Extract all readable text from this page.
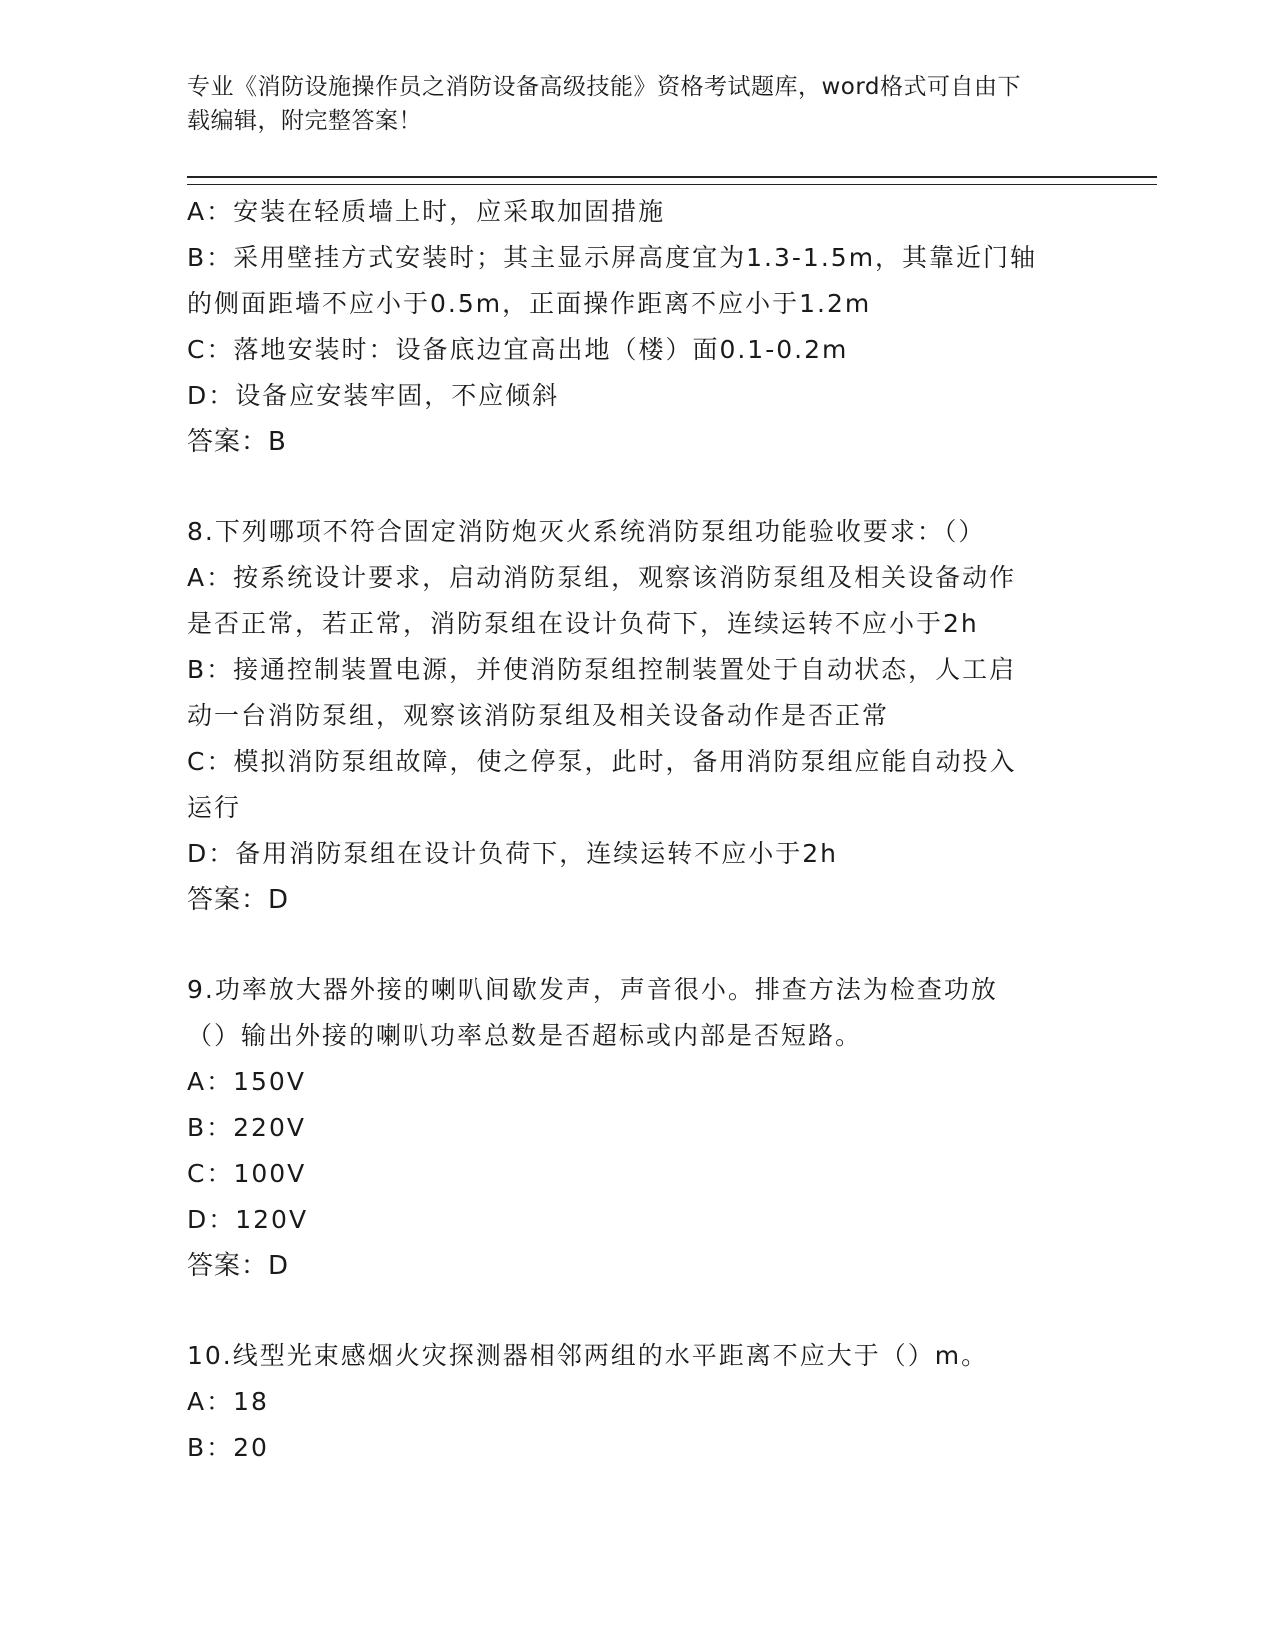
专业《消防设施操作员之消防设备高级技能》资格考试题库，word格式可自由下
载编辑，附完整答案！
A：安装在轻质墙上时，应采取加固措施
B：采用壁挂方式安装时；其主显示屏高度宜为1.3-1.5m，其靠近门轴
的侧面距墙不应小于0.5m，正面操作距离不应小于1.2m
C：落地安装时：设备底边宜高出地（楼）面0.1-0.2m
D：设备应安装牢固，不应倾斜
答案：B
8.下列哪项不符合固定消防炮灭火系统消防泵组功能验收要求：（）
A：按系统设计要求，启动消防泵组，观察该消防泵组及相关设备动作
是否正常，若正常，消防泵组在设计负荷下，连续运转不应小于2h
B：接通控制装置电源，并使消防泵组控制装置处于自动状态，人工启
动一台消防泵组，观察该消防泵组及相关设备动作是否正常
C：模拟消防泵组故障，使之停泵，此时，备用消防泵组应能自动投入
运行
D：备用消防泵组在设计负荷下，连续运转不应小于2h
答案：D
9.功率放大器外接的喇叭间歇发声，声音很小。排查方法为检查功放
（）输出外接的喇叭功率总数是否超标或内部是否短路。
A：150V
B：220V
C：100V
D：120V
答案：D
10.线型光束感烟火灾探测器相邻两组的水平距离不应大于（）m。
A：18
B：20
